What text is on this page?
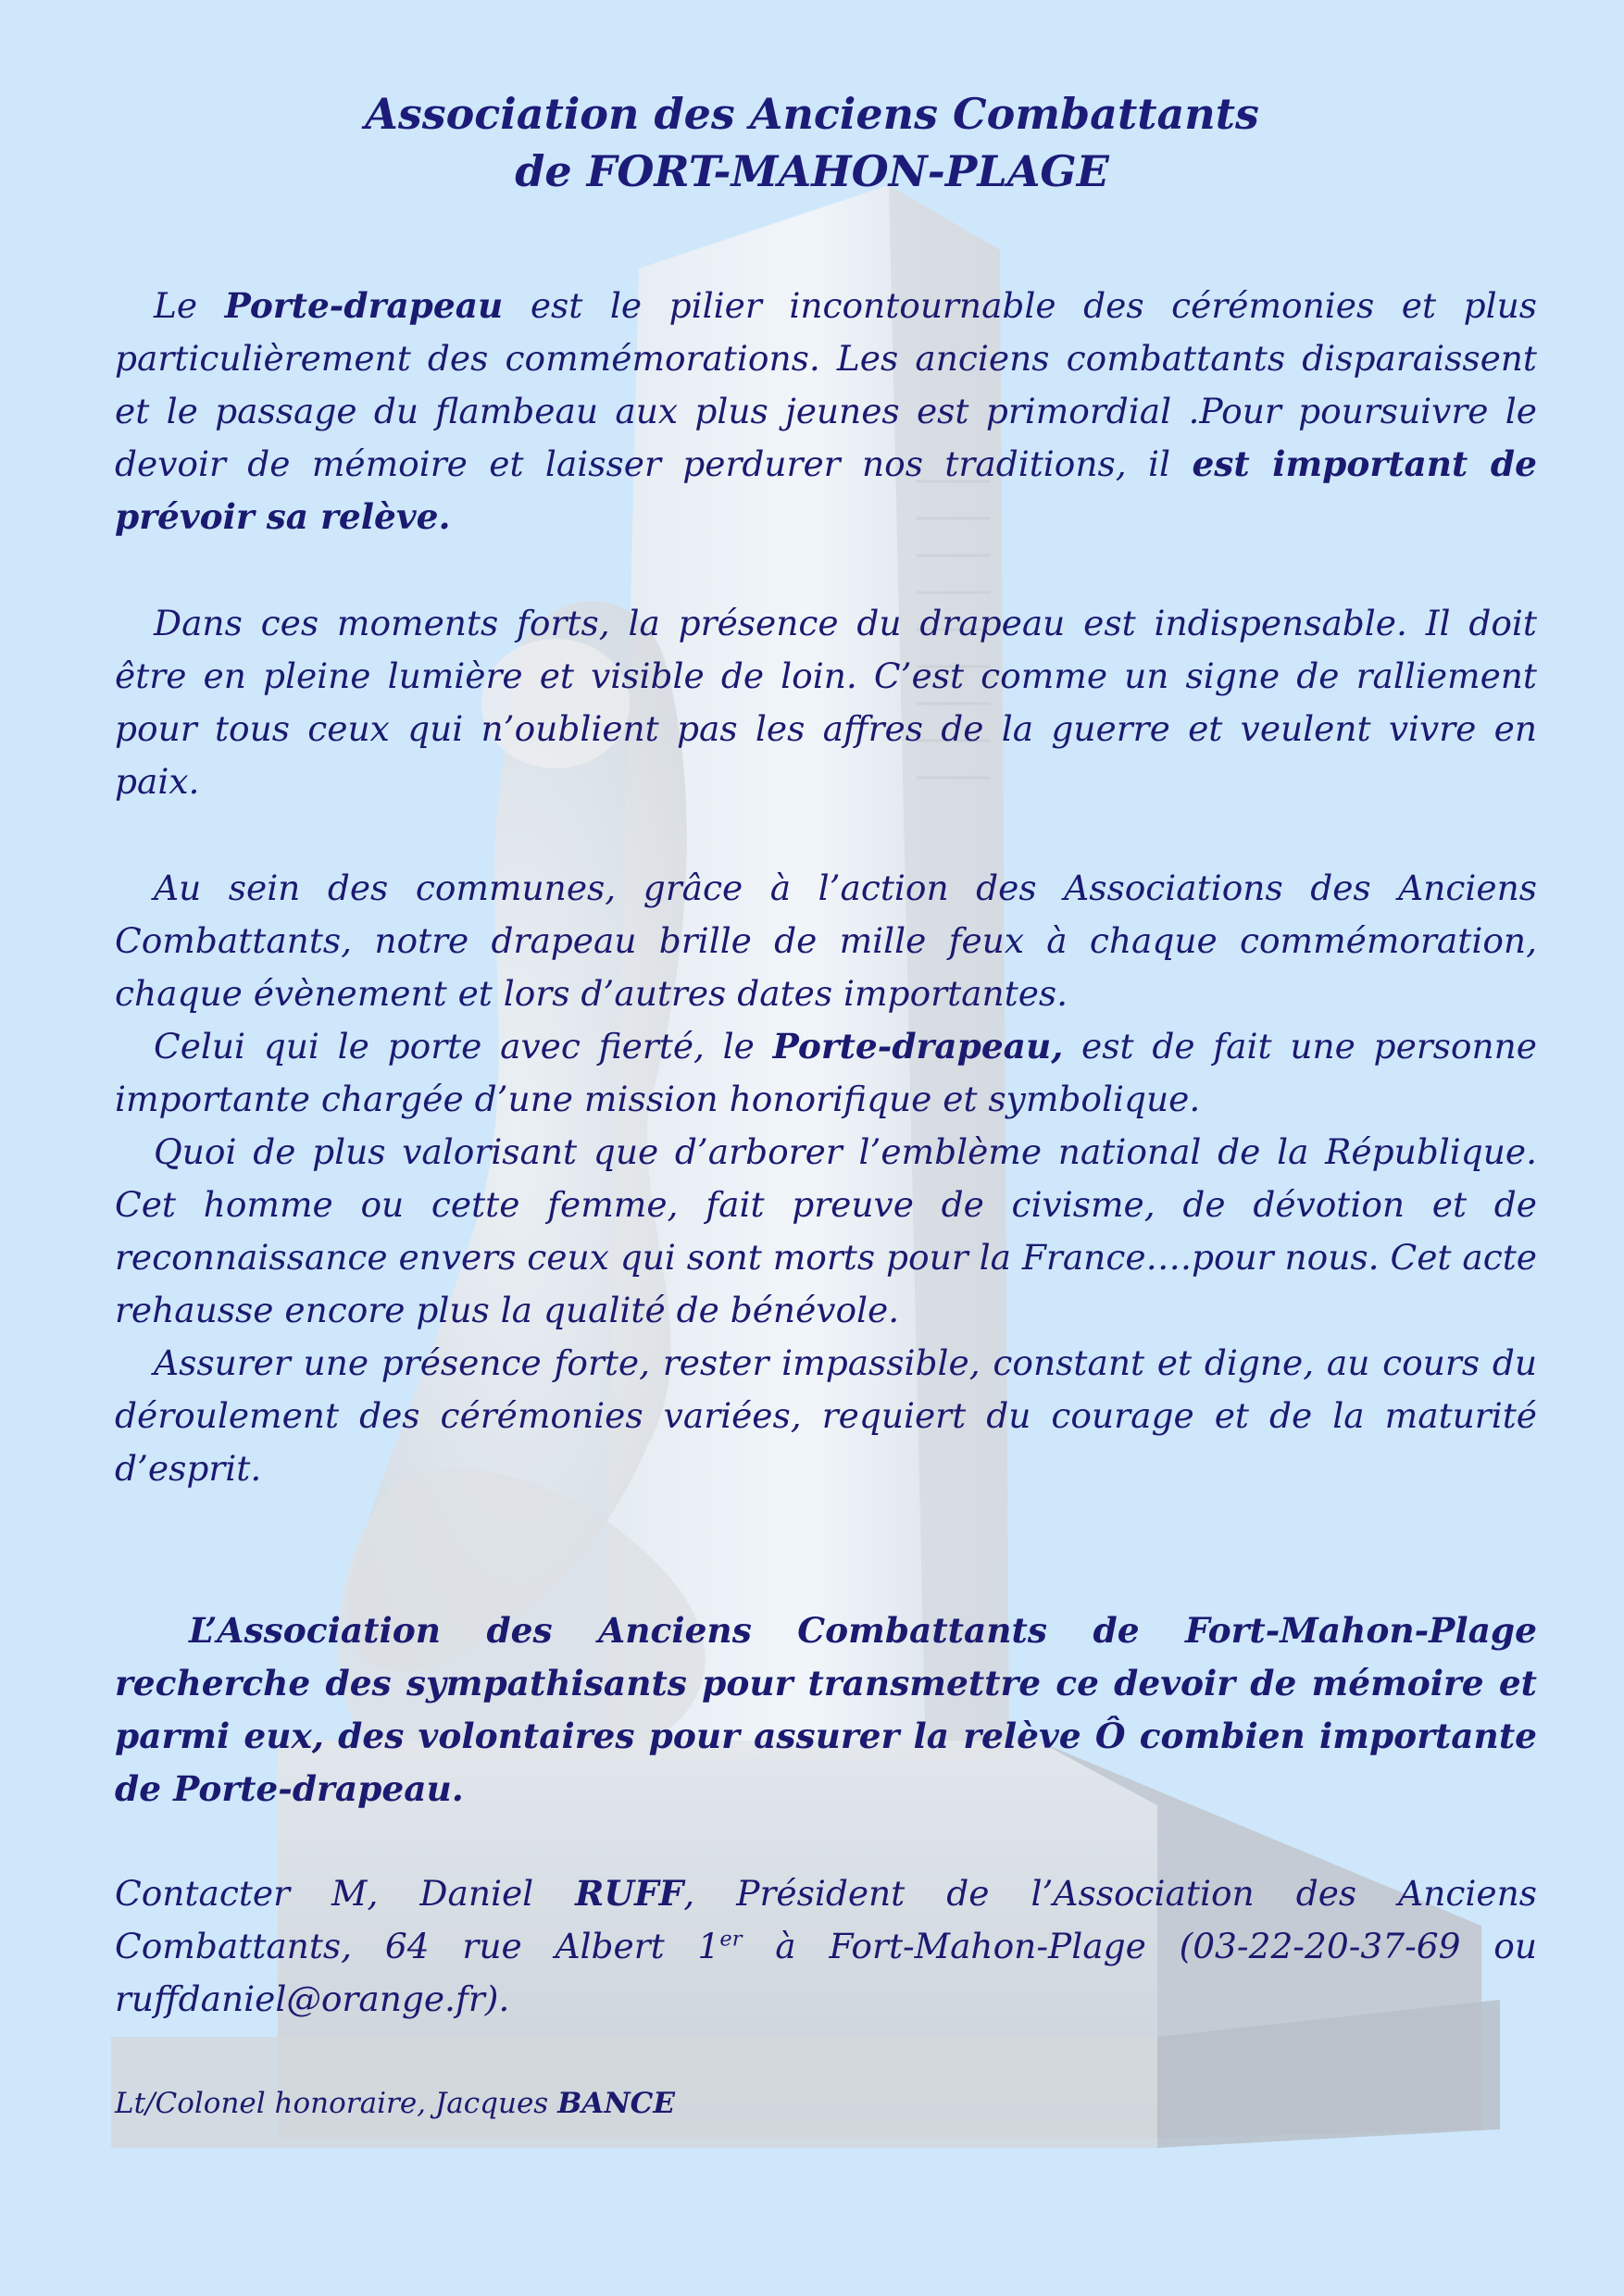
Association des Anciens Combattants
de FORT-MAHON-PLAGE

Le Porte-drapeau est le pilier incontournable des cérémonies et plus particulièrement des commémorations. Les anciens combattants disparaissent et le passage du flambeau aux plus jeunes est primordial .Pour poursuivre le devoir de mémoire et laisser perdurer nos traditions, il est important de prévoir sa relève.

Dans ces moments forts, la présence du drapeau est indispensable. Il doit être en pleine lumière et visible de loin. C’est comme un signe de ralliement pour tous ceux qui n’oublient pas les affres de la guerre et veulent vivre en paix.

Au sein des communes, grâce à l’action des Associations des Anciens Combattants, notre drapeau brille de mille feux à chaque commémoration, chaque évènement et lors d’autres dates importantes.

Celui qui le porte avec fierté, le Porte-drapeau, est de fait une personne importante chargée d’une mission honorifique et symbolique.

Quoi de plus valorisant que d’arborer l’emblème national de la République. Cet homme ou cette femme, fait preuve de civisme, de dévotion et de reconnaissance envers ceux qui sont morts pour la France….pour nous. Cet acte rehausse encore plus la qualité de bénévole.

Assurer une présence forte, rester impassible, constant et digne, au cours du déroulement des cérémonies variées, requiert du courage et de la maturité d’esprit.

L’Association des Anciens Combattants de Fort-Mahon-Plage recherche des sympathisants pour transmettre ce devoir de mémoire et parmi eux, des volontaires pour assurer la relève Ô combien importante de Porte-drapeau.

Contacter M, Daniel RUFF, Président de l’Association des Anciens Combattants, 64 rue Albert 1er à Fort-Mahon-Plage (03-22-20-37-69 ou ruffdaniel@orange.fr).

Lt/Colonel honoraire, Jacques BANCE
